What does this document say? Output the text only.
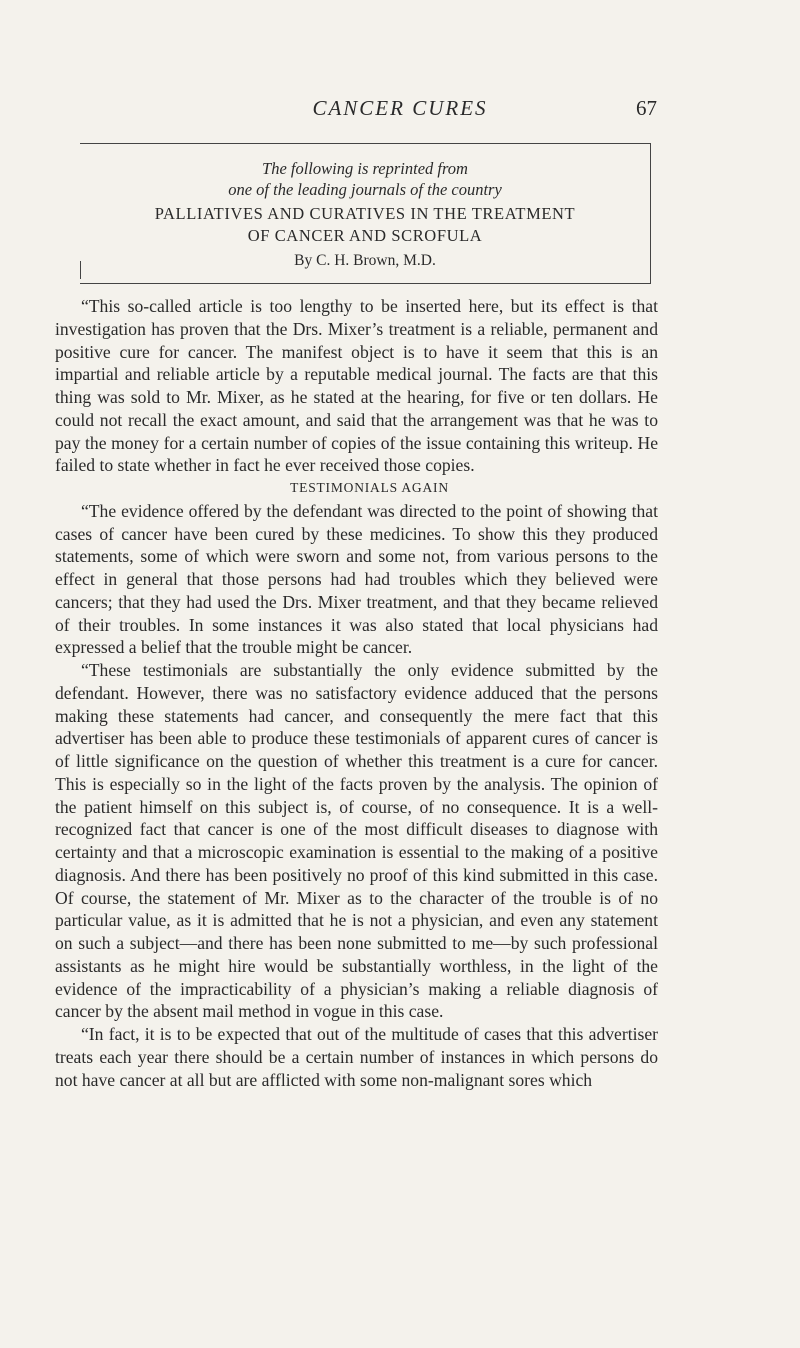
CANCER CURES	67
The following is reprinted from
one of the leading journals of the country
PALLIATIVES AND CURATIVES IN THE TREATMENT
OF CANCER AND SCROFULA
By C. H. Brown, M.D.

“This so-called article is too lengthy to be inserted here, but its effect is that investigation has proven that the Drs. Mixer’s treatment is a reliable, permanent and positive cure for cancer. The manifest object is to have it seem that this is an impartial and reliable article by a reputable medical journal. The facts are that this thing was sold to Mr. Mixer, as he stated at the hearing, for five or ten dollars. He could not recall the exact amount, and said that the arrangement was that he was to pay the money for a certain number of copies of the issue containing this writeup. He failed to state whether in fact he ever received those copies.

TESTIMONIALS AGAIN

“The evidence offered by the defendant was directed to the point of showing that cases of cancer have been cured by these medicines. To show this they produced statements, some of which were sworn and some not, from various persons to the effect in general that those persons had had troubles which they believed were cancers; that they had used the Drs. Mixer treatment, and that they became relieved of their troubles. In some instances it was also stated that local physicians had expressed a belief that the trouble might be cancer.

“These testimonials are substantially the only evidence submitted by the defendant. However, there was no satisfactory evidence adduced that the persons making these statements had cancer, and consequently the mere fact that this advertiser has been able to produce these testimonials of apparent cures of cancer is of little significance on the question of whether this treatment is a cure for cancer. This is especially so in the light of the facts proven by the analysis. The opinion of the patient himself on this subject is, of course, of no consequence. It is a well-recognized fact that cancer is one of the most difficult diseases to diagnose with certainty and that a microscopic examination is essential to the making of a positive diagnosis. And there has been positively no proof of this kind submitted in this case. Of course, the statement of Mr. Mixer as to the character of the trouble is of no particular value, as it is admitted that he is not a physician, and even any statement on such a subject—and there has been none submitted to me—by such professional assistants as he might hire would be substantially worthless, in the light of the evidence of the impracticability of a physician’s making a reliable diagnosis of cancer by the absent mail method in vogue in this case.

“In fact, it is to be expected that out of the multitude of cases that this advertiser treats each year there should be a certain number of instances in which persons do not have cancer at all but are afflicted with some non-malignant sores which
